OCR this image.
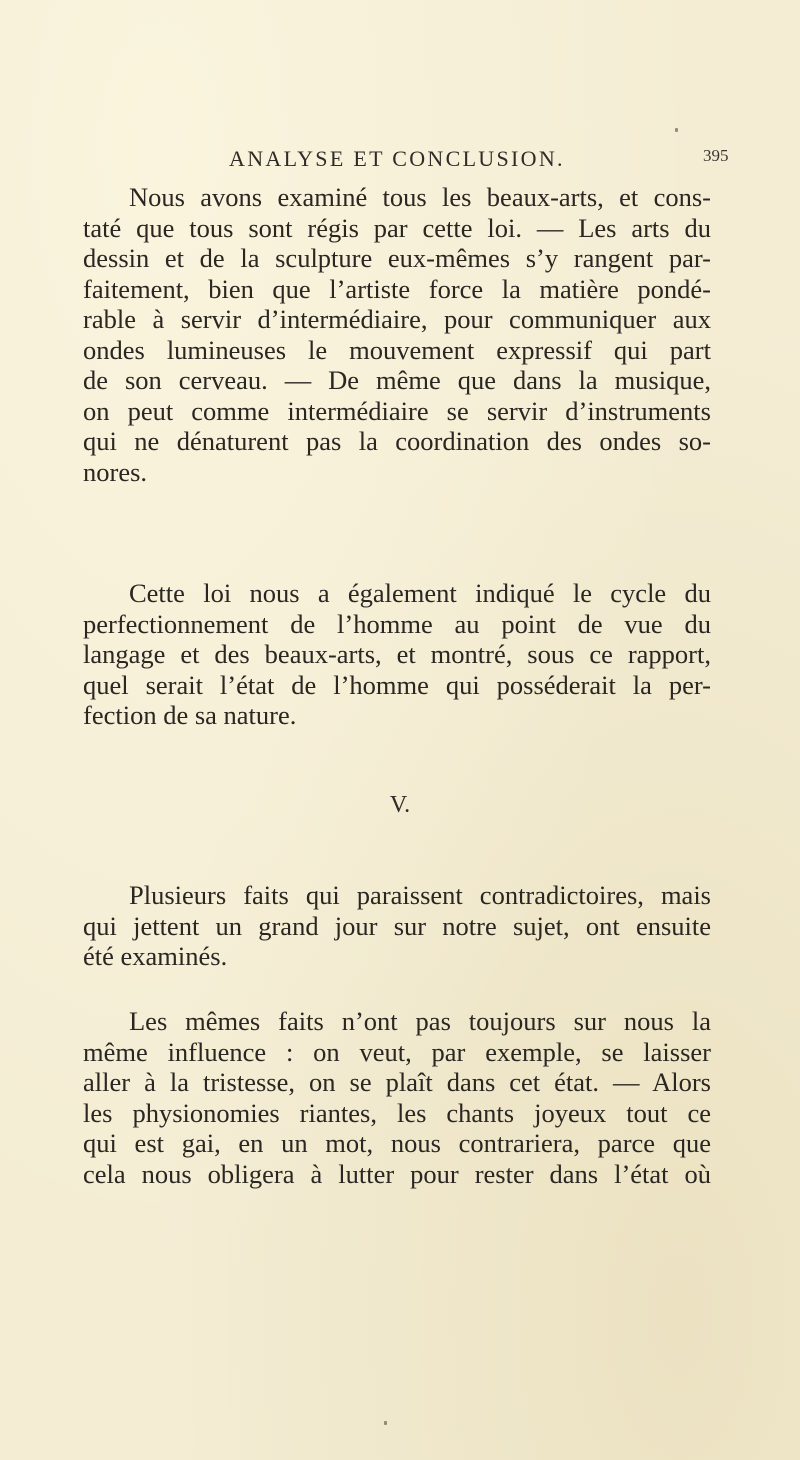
ANALYSE ET CONCLUSION.	395
Nous avons examiné tous les beaux-arts, et cons-
taté que tous sont régis par cette loi. — Les arts du
dessin et de la sculpture eux-mêmes s’y rangent par-
faitement, bien que l’artiste force la matière pondé-
rable à servir d’intermédiaire, pour communiquer aux
ondes lumineuses le mouvement expressif qui part
de son cerveau. — De même que dans la musique,
on peut comme intermédiaire se servir d’instruments
qui ne dénaturent pas la coordination des ondes so-
nores.
Cette loi nous a également indiqué le cycle du
perfectionnement de l’homme au point de vue du
langage et des beaux-arts, et montré, sous ce rapport,
quel serait l’état de l’homme qui posséderait la per-
fection de sa nature.
V.
Plusieurs faits qui paraissent contradictoires, mais
qui jettent un grand jour sur notre sujet, ont ensuite
été examinés.
Les mêmes faits n’ont pas toujours sur nous la
même influence : on veut, par exemple, se laisser
aller à la tristesse, on se plaît dans cet état. — Alors
les physionomies riantes, les chants joyeux tout ce
qui est gai, en un mot, nous contrariera, parce que
cela nous obligera à lutter pour rester dans l’état où
